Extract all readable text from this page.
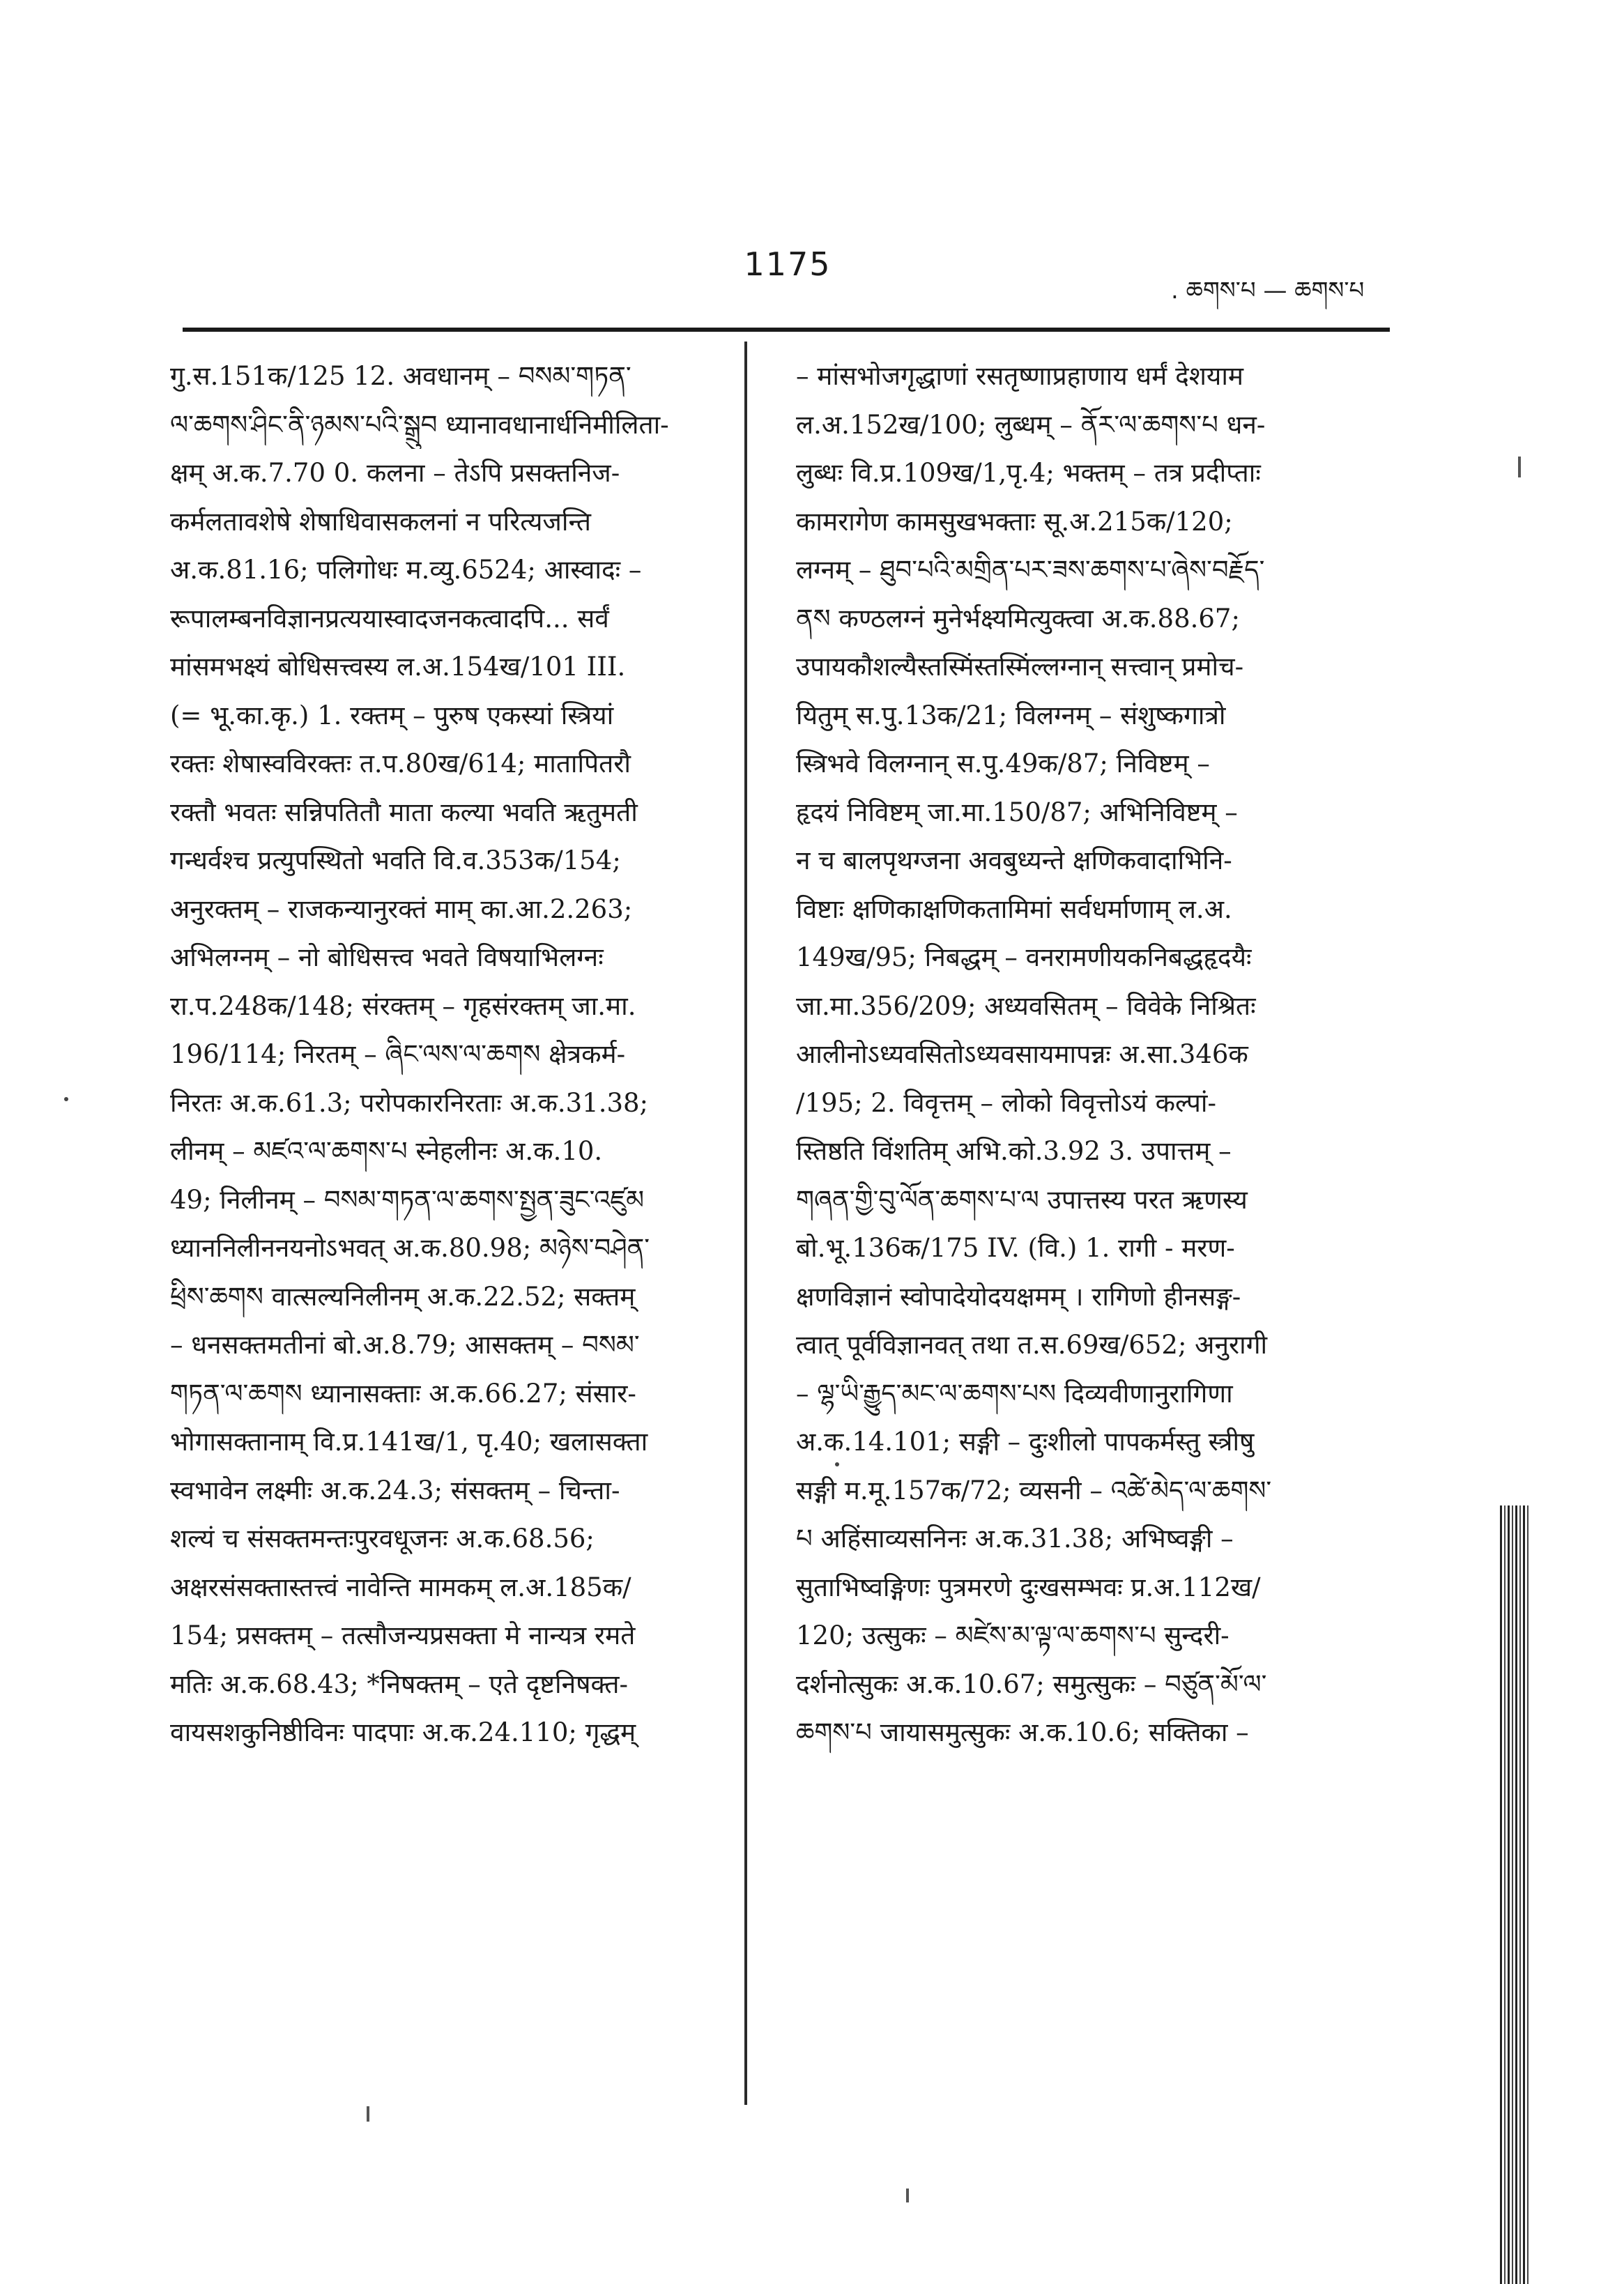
1175
. ཆགས་པ — ཆགས་པ
गु.स.151क/125 12. अवधानम् – བསམ་གཏན་
ལ་ཆགས་ཤིང་ནི་ཉམས་པའི་སྒྲུབ ध्यानावधानार्धनिमीलिता-
क्षम् अ.क.7.70 0. कलना – तेऽपि प्रसक्तनिज-
कर्मलतावशेषे शेषाधिवासकलनां न परित्यजन्ति
अ.क.81.16; पलिगोधः म.व्यु.6524; आस्वादः –
रूपालम्बनविज्ञानप्रत्ययास्वादजनकत्वादपि... सर्वं
मांसमभक्ष्यं बोधिसत्त्वस्य ल.अ.154ख/101 III.
(= भू.का.कृ.) 1. रक्तम् – पुरुष एकस्यां स्त्रियां
रक्तः शेषास्वविरक्तः त.प.80ख/614; मातापितरौ
रक्तौ भवतः सन्निपतितौ माता कल्या भवति ऋतुमती
गन्धर्वश्च प्रत्युपस्थितो भवति वि.व.353क/154;
अनुरक्तम् – राजकन्यानुरक्तं माम् का.आ.2.263;
अभिलग्नम् – नो बोधिसत्त्व भवते विषयाभिलग्नः
रा.प.248क/148; संरक्तम् – गृहसंरक्तम् जा.मा.
196/114; निरतम् – ཞིང་ལས་ལ་ཆགས क्षेत्रकर्म-
निरतः अ.क.61.3; परोपकारनिरताः अ.क.31.38;
लीनम् – མཛའ་ལ་ཆགས་པ स्नेहलीनः अ.क.10.
49; निलीनम् – བསམ་གཏན་ལ་ཆགས་སྤྱན་ཟུང་འཛུམ
ध्याननिलीननयनोऽभवत् अ.क.80.98; མཉེས་བཤེན་
ཕྲིས་ཆགས वात्सल्यनिलीनम् अ.क.22.52; सक्तम्
– धनसक्तमतीनां बो.अ.8.79; आसक्तम् – བསམ་
གཏན་ལ་ཆགས ध्यानासक्ताः अ.क.66.27; संसार-
भोगासक्तानाम् वि.प्र.141ख/1, पृ.40; खलासक्ता
स्वभावेन लक्ष्मीः अ.क.24.3; संसक्तम् – चिन्ता-
शल्यं च संसक्तमन्तःपुरवधूजनः अ.क.68.56;
अक्षरसंसक्तास्तत्त्वं नावेन्ति मामकम् ल.अ.185क/
154; प्रसक्तम् – तत्सौजन्यप्रसक्ता मे नान्यत्र रमते
मतिः अ.क.68.43; *निषक्तम् – एते दृष्टनिषक्त-
वायसशकुनिष्ठीविनः पादपाः अ.क.24.110; गृद्धम्
– मांसभोजगृद्धाणां रसतृष्णाप्रहाणाय धर्मं देशयाम
ल.अ.152ख/100; लुब्धम् – ནོར་ལ་ཆགས་པ धन-
लुब्धः वि.प्र.109ख/1,पृ.4; भक्तम् – तत्र प्रदीप्ताः
कामरागेण कामसुखभक्ताः सू.अ.215क/120;
लग्नम् – ཐུབ་པའི་མགྲིན་པར་ཟས་ཆགས་པ་ཞེས་བརྗོད་
ནས कण्ठलग्नं मुनेर्भक्ष्यमित्युक्त्वा अ.क.88.67;
उपायकौशल्यैस्तस्मिंस्तस्मिंल्लग्नान् सत्त्वान् प्रमोच-
यितुम् स.पु.13क/21; विलग्नम् – संशुष्कगात्रो
स्त्रिभवे विलग्नान् स.पु.49क/87; निविष्टम् –
हृदयं निविष्टम् जा.मा.150/87; अभिनिविष्टम् –
न च बालपृथग्जना अवबुध्यन्ते क्षणिकवादाभिनि-
विष्टाः क्षणिकाक्षणिकतामिमां सर्वधर्माणाम् ल.अ.
149ख/95; निबद्धम् – वनरामणीयकनिबद्धहृदयैः
जा.मा.356/209; अध्यवसितम् – विवेके निश्रितः
आलीनोऽध्यवसितोऽध्यवसायमापन्नः अ.सा.346क
/195; 2. विवृत्तम् – लोको विवृत्तोऽयं कल्पां-
स्तिष्ठति विंशतिम् अभि.को.3.92 3. उपात्तम् –
གཞན་གྱི་བུ་ལོན་ཆགས་པ་ལ उपात्तस्य परत ऋणस्य
बो.भू.136क/175 IV. (वि.) 1. रागी - मरण-
क्षणविज्ञानं स्वोपादेयोदयक्षमम् । रागिणो हीनसङ्ग-
त्वात् पूर्वविज्ञानवत् तथा त.स.69ख/652; अनुरागी
– ལྷ་ཡི་རྒྱུད་མང་ལ་ཆགས་པས दिव्यवीणानुरागिणा
अ.क.14.101; सङ्गी – दुःशीलो पापकर्मस्तु स्त्रीषु
सङ्गी म.मू.157क/72; व्यसनी – འཚེ་མེད་ལ་ཆགས་
པ अहिंसाव्यसनिनः अ.क.31.38; अभिष्वङ्गी –
सुताभिष्वङ्गिणः पुत्रमरणे दुःखसम्भवः प्र.अ.112ख/
120; उत्सुकः – མཛེས་མ་ལྟ་ལ་ཆགས་པ सुन्दरी-
दर्शनोत्सुकः अ.क.10.67; समुत्सुकः – བཙུན་མོ་ལ་
ཆགས་པ जायासमुत्सुकः अ.क.10.6; सक्तिका –
